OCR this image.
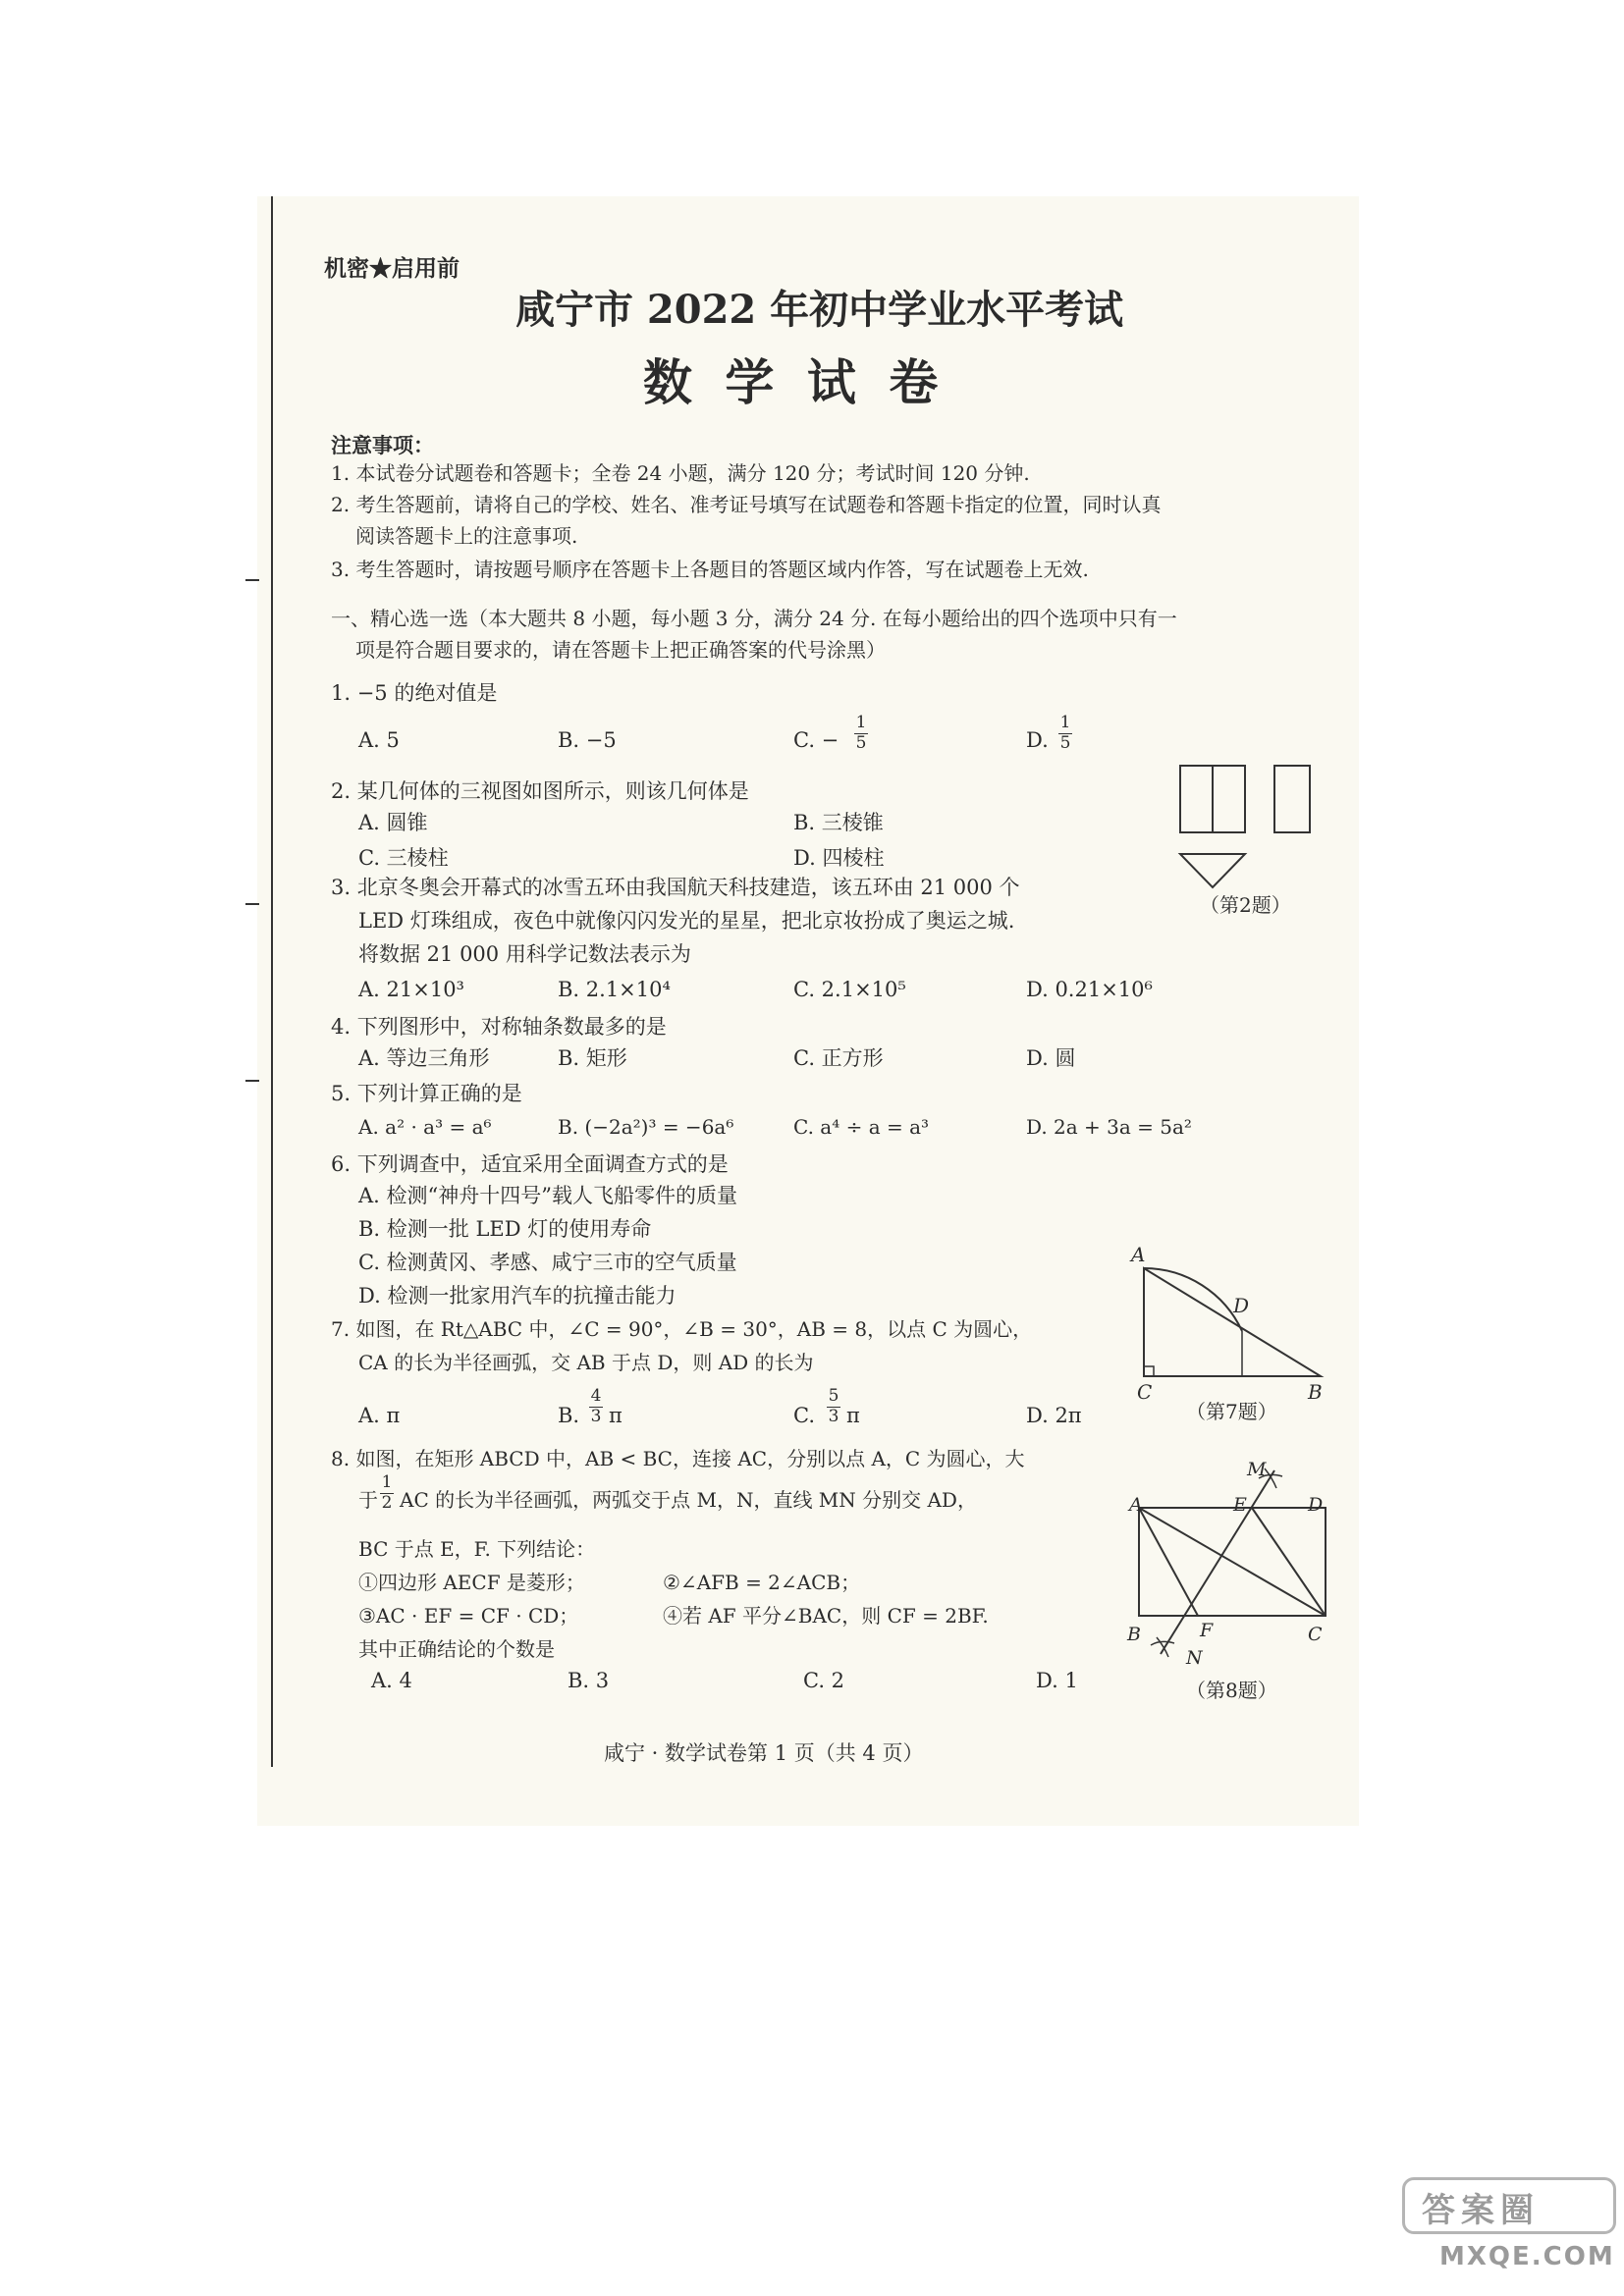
机密★启用前
咸宁市 2022 年初中学业水平考试
数 学 试 卷
注意事项：
1. 本试卷分试题卷和答题卡；全卷 24 小题，满分 120 分；考试时间 120 分钟.
2. 考生答题前，请将自己的学校、姓名、准考证号填写在试题卷和答题卡指定的位置，同时认真
阅读答题卡上的注意事项.
3. 考生答题时，请按题号顺序在答题卡上各题目的答题区域内作答，写在试题卷上无效.
一、精心选一选（本大题共 8 小题，每小题 3 分，满分 24 分. 在每小题给出的四个选项中只有一
项是符合题目要求的，请在答题卡上把正确答案的代号涂黑）
1. −5 的绝对值是
A. 5	B. −5	C. −
1
5	D.
1
5
2. 某几何体的三视图如图所示，则该几何体是
A. 圆锥	B. 三棱锥
C. 三棱柱	D. 四棱柱
（第2题）
3. 北京冬奥会开幕式的冰雪五环由我国航天科技建造，该五环由 21 000 个
LED 灯珠组成，夜色中就像闪闪发光的星星，把北京妆扮成了奥运之城.
将数据 21 000 用科学记数法表示为
A. 21×10³	B. 2.1×10⁴	C. 2.1×10⁵	D. 0.21×10⁶
4. 下列图形中，对称轴条数最多的是
A. 等边三角形	B. 矩形	C. 正方形	D. 圆
5. 下列计算正确的是
A. a² · a³ = a⁶	B. (−2a²)³ = −6a⁶	C. a⁴ ÷ a = a³	D. 2a + 3a = 5a²
6. 下列调查中，适宜采用全面调查方式的是
A. 检测“神舟十四号”载人飞船零件的质量
B. 检测一批 LED 灯的使用寿命
C. 检测黄冈、孝感、咸宁三市的空气质量
D. 检测一批家用汽车的抗撞击能力
7. 如图，在 Rt△ABC 中，∠C = 90°，∠B = 30°，AB = 8，以点 C 为圆心，
CA 的长为半径画弧，交 AB 于点 D，则 AD 的长为
A. π	B.
4
3 π	C.
5
3 π	D. 2π
A
D
C	B
（第7题）
8. 如图，在矩形 ABCD 中，AB < BC，连接 AC，分别以点 A，C 为圆心，大
于
1
2 AC 的长为半径画弧，两弧交于点 M，N，直线 MN 分别交 AD，
BC 于点 E，F. 下列结论：
①四边形 AECF 是菱形；	②∠AFB = 2∠ACB；
③AC · EF = CF · CD；	④若 AF 平分∠BAC，则 CF = 2BF.
其中正确结论的个数是
A. 4	B. 3	C. 2	D. 1
M
A	E	D
B	F	C
N
（第8题）
咸宁 · 数学试卷第 1 页（共 4 页）
答案圈
MXQE.COM
